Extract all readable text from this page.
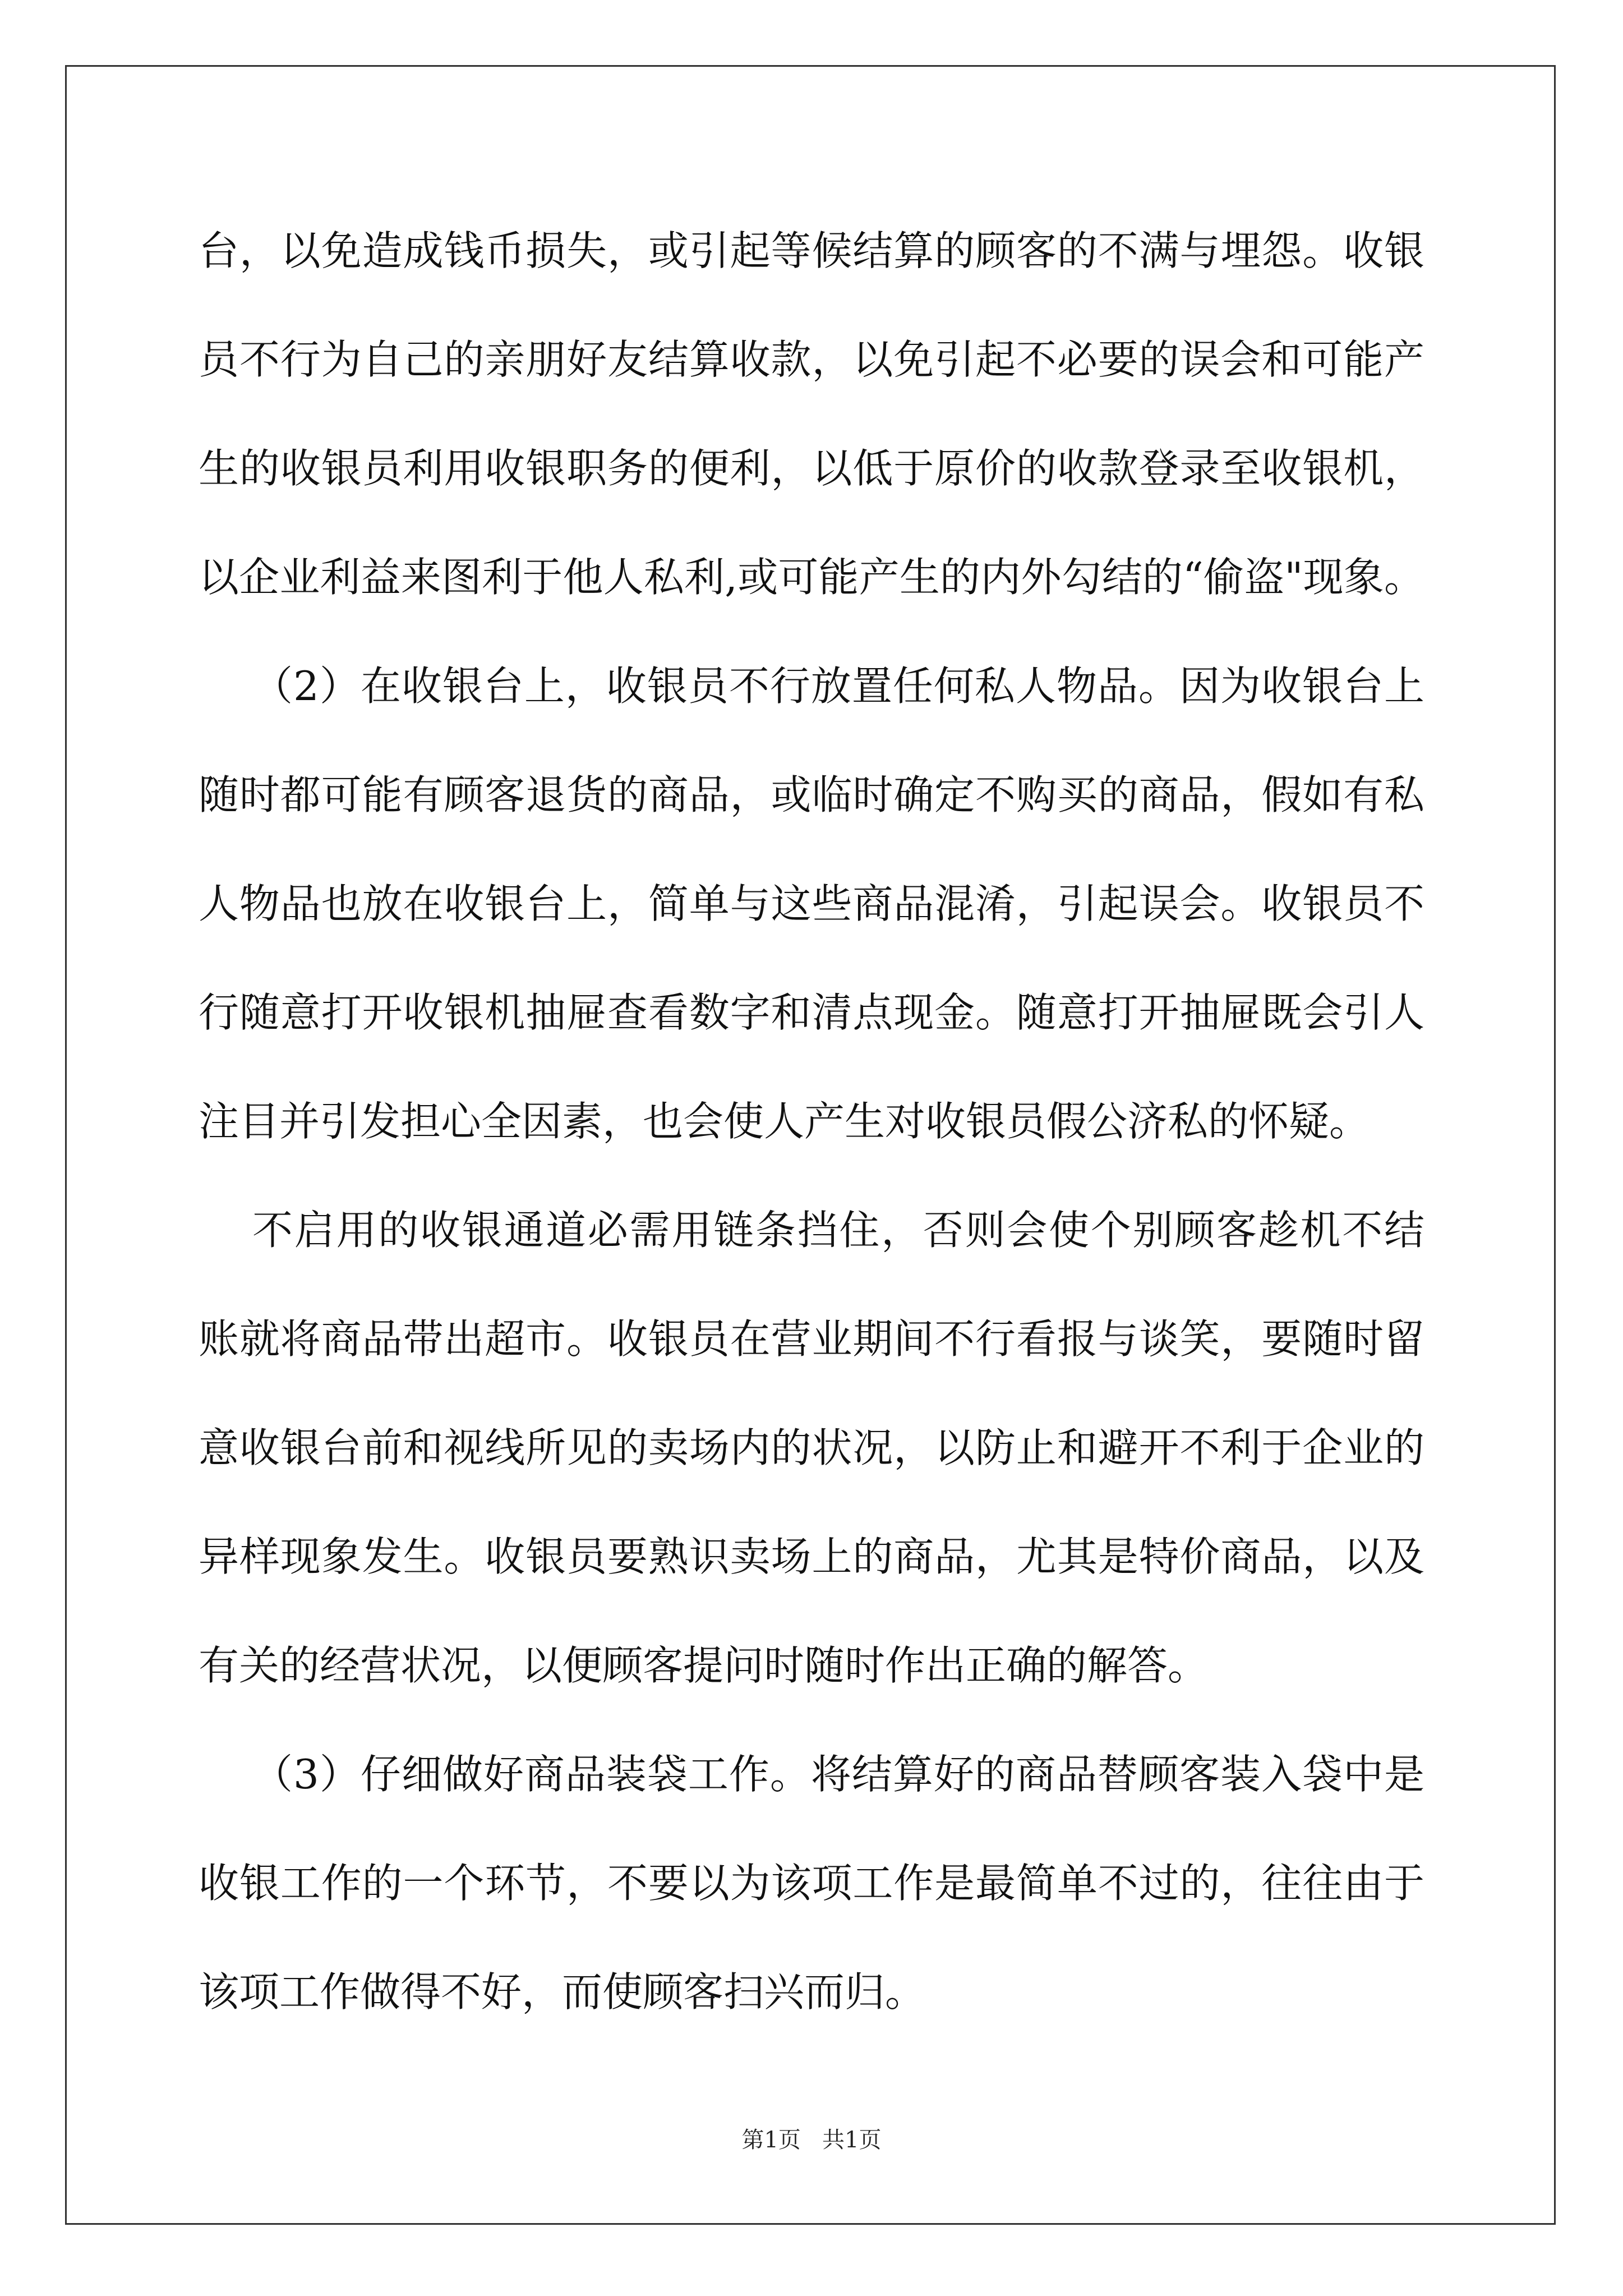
台，以免造成钱币损失，或引起等候结算的顾客的不满与埋怨。收银
员不行为自己的亲朋好友结算收款，以免引起不必要的误会和可能产
生的收银员利用收银职务的便利，以低于原价的收款登录至收银机，
以企业利益来图利于他人私利,或可能产生的内外勾结的“偷盗"现象。
（2）在收银台上，收银员不行放置任何私人物品。因为收银台上
随时都可能有顾客退货的商品，或临时确定不购买的商品，假如有私
人物品也放在收银台上，简单与这些商品混淆，引起误会。收银员不
行随意打开收银机抽屉查看数字和清点现金。随意打开抽屉既会引人
注目并引发担心全因素，也会使人产生对收银员假公济私的怀疑。
不启用的收银通道必需用链条挡住，否则会使个别顾客趁机不结
账就将商品带出超市。收银员在营业期间不行看报与谈笑，要随时留
意收银台前和视线所见的卖场内的状况，以防止和避开不利于企业的
异样现象发生。收银员要熟识卖场上的商品，尤其是特价商品，以及
有关的经营状况，以便顾客提问时随时作出正确的解答。
（3）仔细做好商品装袋工作。将结算好的商品替顾客装入袋中是
收银工作的一个环节，不要以为该项工作是最简单不过的，往往由于
该项工作做得不好，而使顾客扫兴而归。
第1页   共1页
